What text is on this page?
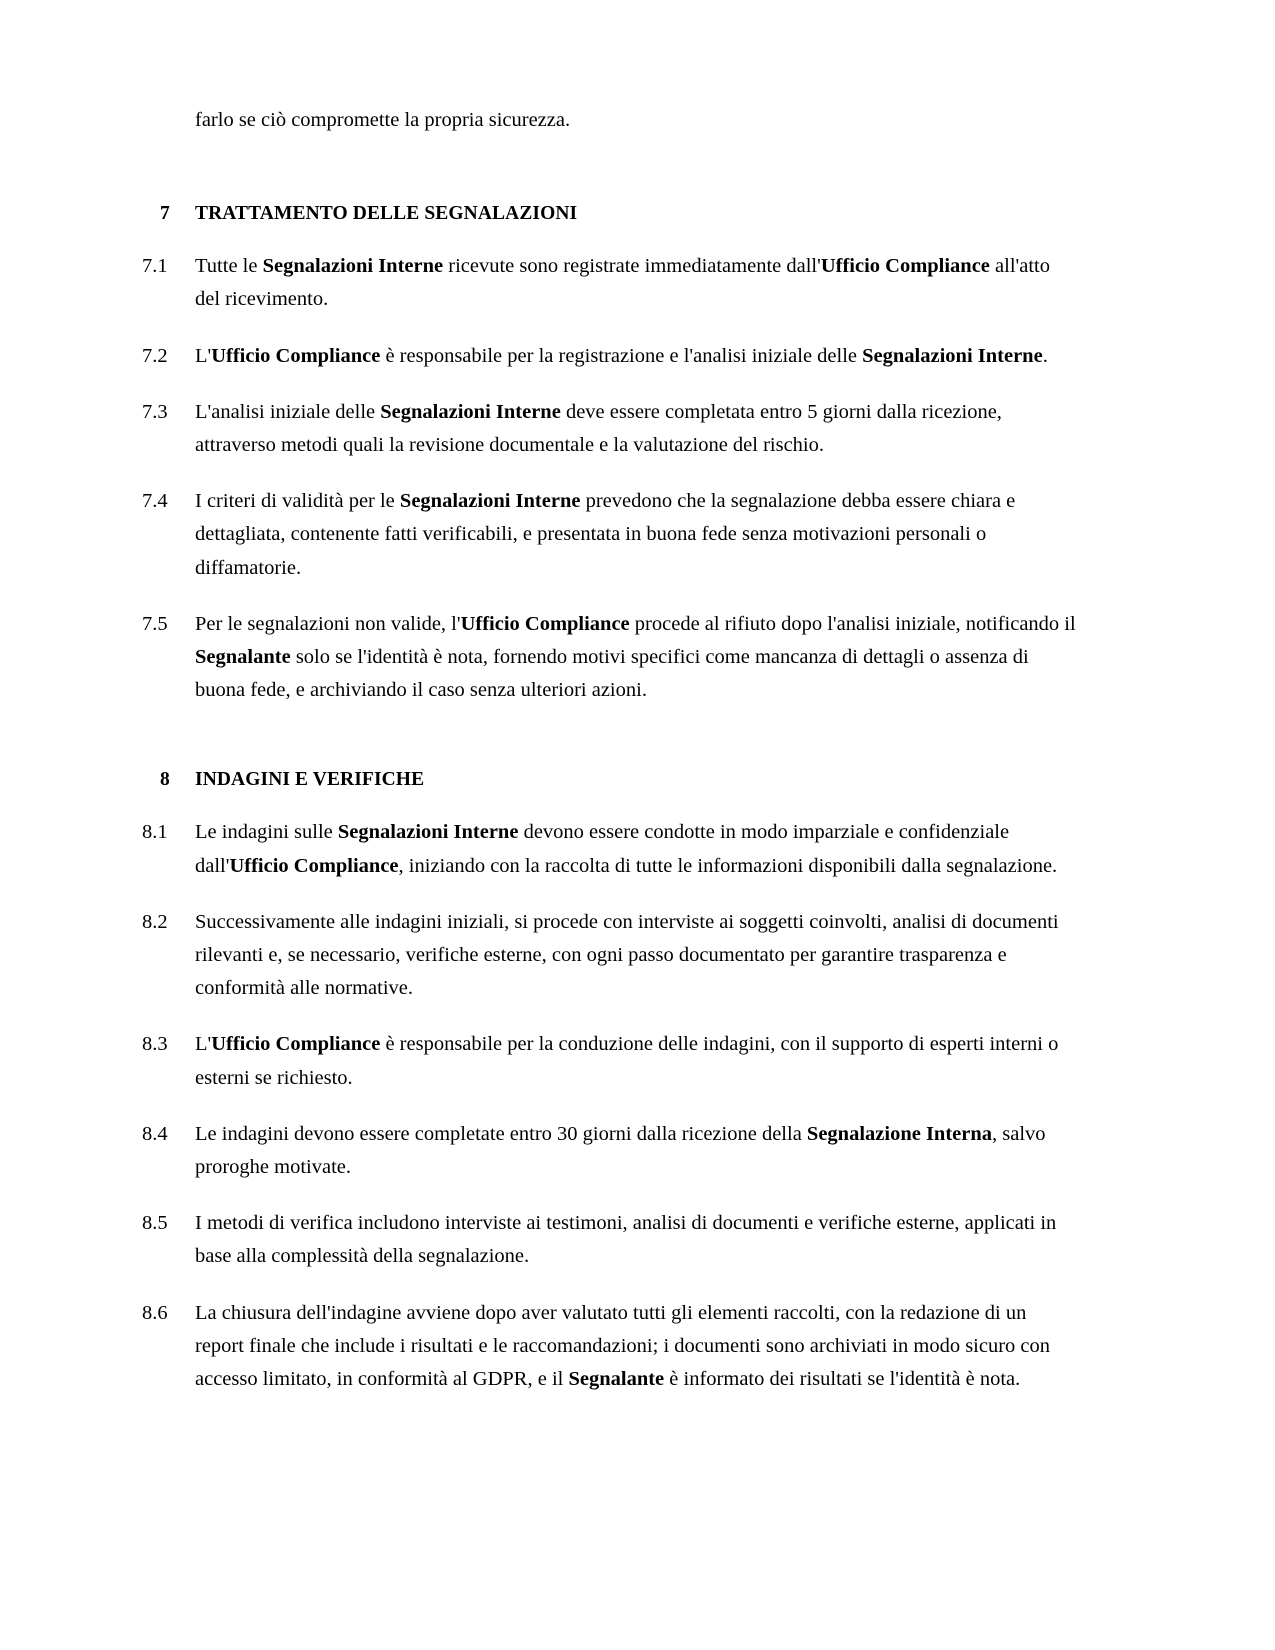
farlo se ciò compromette la propria sicurezza.

7	TRATTAMENTO DELLE SEGNALAZIONI
7.1	Tutte le Segnalazioni Interne ricevute sono registrate immediatamente dall'Ufficio Compliance all'atto del ricevimento.
7.2	L'Ufficio Compliance è responsabile per la registrazione e l'analisi iniziale delle Segnalazioni Interne.
7.3	L'analisi iniziale delle Segnalazioni Interne deve essere completata entro 5 giorni dalla ricezione, attraverso metodi quali la revisione documentale e la valutazione del rischio.
7.4	I criteri di validità per le Segnalazioni Interne prevedono che la segnalazione debba essere chiara e dettagliata, contenente fatti verificabili, e presentata in buona fede senza motivazioni personali o diffamatorie.
7.5	Per le segnalazioni non valide, l'Ufficio Compliance procede al rifiuto dopo l'analisi iniziale, notificando il Segnalante solo se l'identità è nota, fornendo motivi specifici come mancanza di dettagli o assenza di buona fede, e archiviando il caso senza ulteriori azioni.
8	INDAGINI E VERIFICHE
8.1	Le indagini sulle Segnalazioni Interne devono essere condotte in modo imparziale e confidenziale dall'Ufficio Compliance, iniziando con la raccolta di tutte le informazioni disponibili dalla segnalazione.
8.2	Successivamente alle indagini iniziali, si procede con interviste ai soggetti coinvolti, analisi di documenti rilevanti e, se necessario, verifiche esterne, con ogni passo documentato per garantire trasparenza e conformità alle normative.
8.3	L'Ufficio Compliance è responsabile per la conduzione delle indagini, con il supporto di esperti interni o esterni se richiesto.
8.4	Le indagini devono essere completate entro 30 giorni dalla ricezione della Segnalazione Interna, salvo proroghe motivate.
8.5	I metodi di verifica includono interviste ai testimoni, analisi di documenti e verifiche esterne, applicati in base alla complessità della segnalazione.
8.6	La chiusura dell'indagine avviene dopo aver valutato tutti gli elementi raccolti, con la redazione di un report finale che include i risultati e le raccomandazioni; i documenti sono archiviati in modo sicuro con accesso limitato, in conformità al GDPR, e il Segnalante è informato dei risultati se l'identità è nota.
